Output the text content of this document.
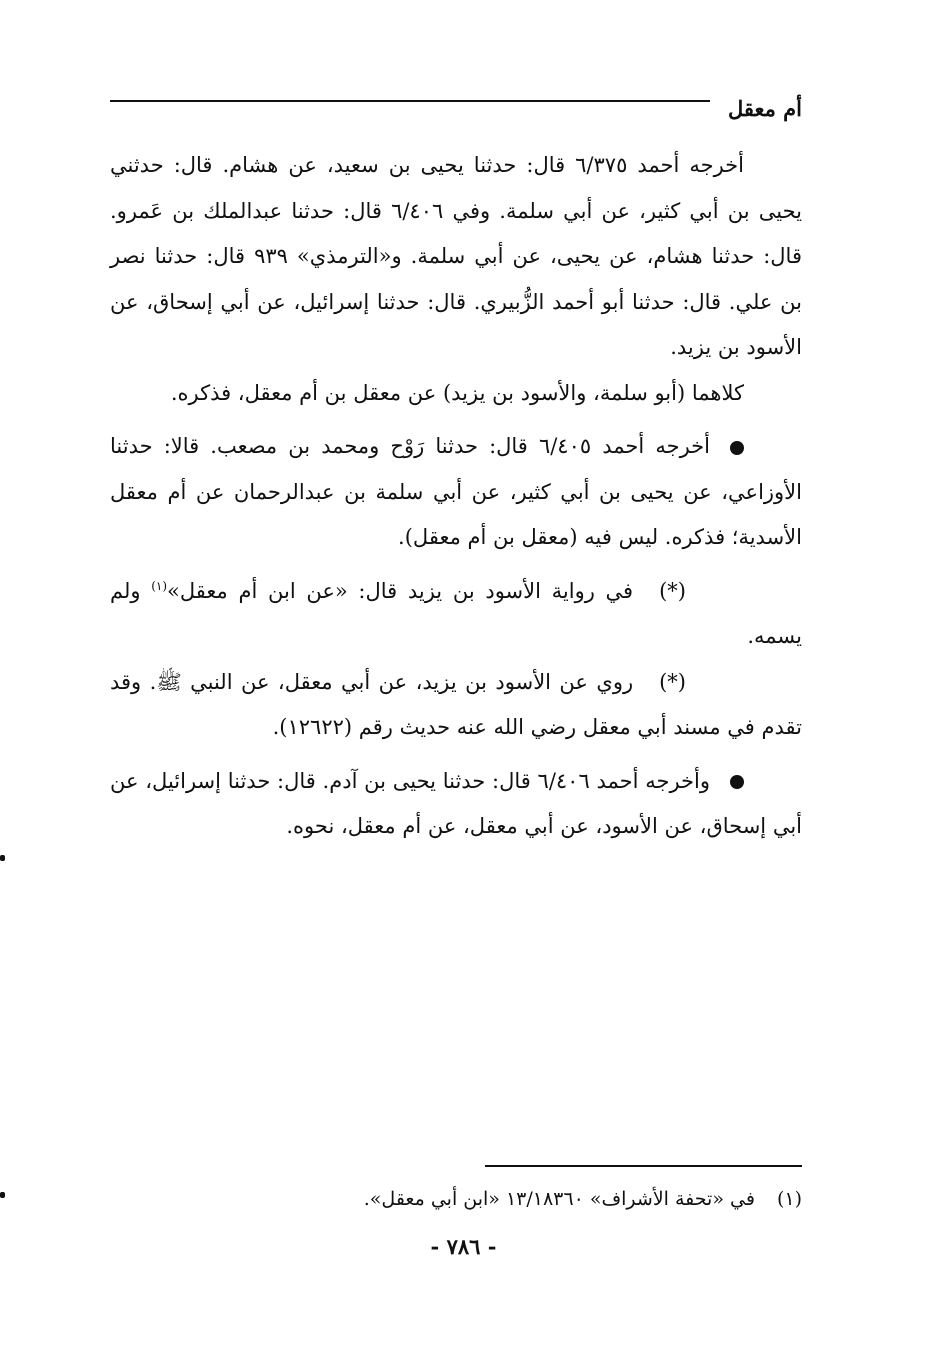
أم معقل

أخرجه أحمد ٦/٣٧٥ قال: حدثنا يحيى بن سعيد، عن هشام. قال: حدثني يحيى بن أبي كثير، عن أبي سلمة. وفي ٦/٤٠٦ قال: حدثنا عبدالملك بن عَمرو. قال: حدثنا هشام، عن يحيى، عن أبي سلمة. و«الترمذي» ٩٣٩ قال: حدثنا نصر بن علي. قال: حدثنا أبو أحمد الزُّبيري. قال: حدثنا إسرائيل، عن أبي إسحاق، عن الأسود بن يزيد.

كلاهما (أبو سلمة، والأسود بن يزيد) عن معقل بن أم معقل، فذكره.

أخرجه أحمد ٦/٤٠٥ قال: حدثنا رَوْح ومحمد بن مصعب. قالا: حدثنا الأوزاعي، عن يحيى بن أبي كثير، عن أبي سلمة بن عبدالرحمان عن أم معقل الأسدية؛ فذكره. ليس فيه (معقل بن أم معقل).

(*)في رواية الأسود بن يزيد قال: «عن ابن أم معقل»$^{(١)}$ ولم يسمه.

(*)روي عن الأسود بن يزيد، عن أبي معقل، عن النبي ﷺ. وقد تقدم في مسند أبي معقل رضي الله عنه حديث رقم (١٢٦٢٢).

وأخرجه أحمد ٦/٤٠٦ قال: حدثنا يحيى بن آدم. قال: حدثنا إسرائيل، عن أبي إسحاق، عن الأسود، عن أبي معقل، عن أم معقل، نحوه.

(١)في «تحفة الأشراف» ١٣/١٨٣٦٠ «ابن أبي معقل».
- ٧٨٦ -
